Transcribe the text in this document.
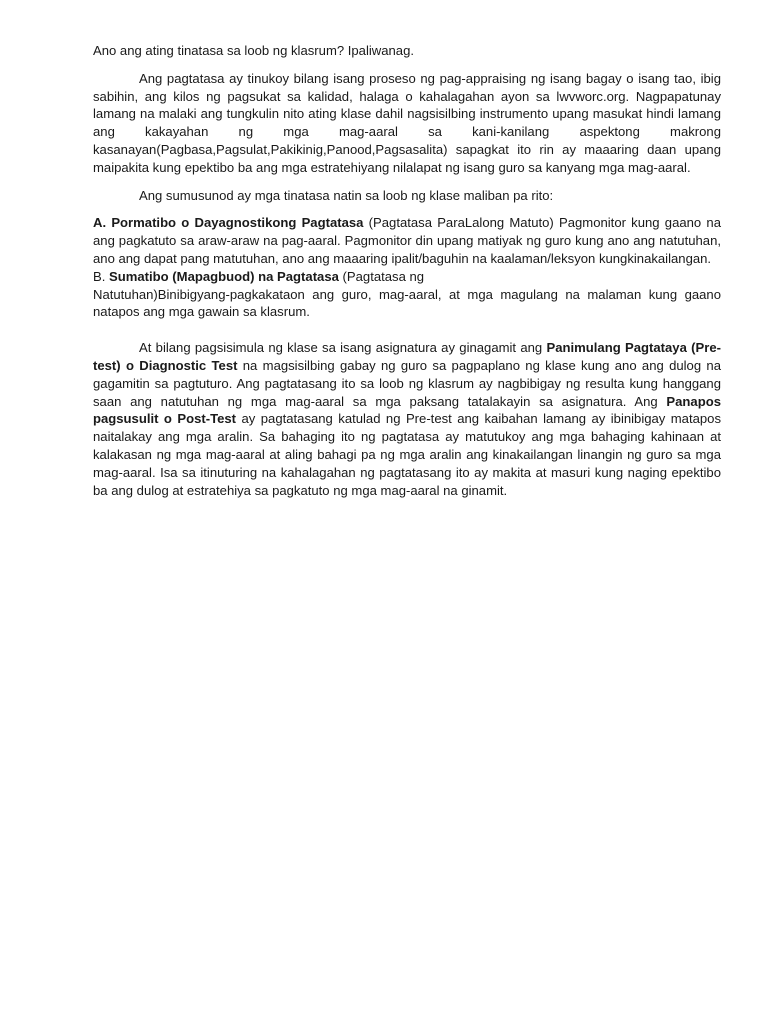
Ano ang ating tinatasa sa loob ng klasrum? Ipaliwanag.

Ang pagtatasa ay tinukoy bilang isang proseso ng pag-appraising ng isang bagay o isang tao, ibig sabihin, ang kilos ng pagsukat sa kalidad, halaga o kahalagahan ayon sa lwvworc.org. Nagpapatunay lamang na malaki ang tungkulin nito ating klase dahil nagsisilbing instrumento upang masukat hindi lamang ang kakayahan ng mga mag-aaral sa kani-kanilang aspektong makrong kasanayan(Pagbasa,Pagsulat,Pakikinig,Panood,Pagsasalita) sapagkat ito rin ay maaaring daan upang maipakita kung epektibo ba ang mga estratehiyang nilalapat ng isang guro sa kanyang mga mag-aaral.

Ang sumusunod ay mga tinatasa natin sa loob ng klase maliban pa rito:

A. Pormatibo o Dayagnostikong Pagtatasa (Pagtatasa ParaLalong Matuto) Pagmonitor kung gaano na ang pagkatuto sa araw-araw na pag-aaral. Pagmonitor din upang matiyak ng guro kung ano ang natutuhan, ano ang dapat pang matutuhan, ano ang maaaring ipalit/baguhin na kaalaman/leksyon kungkinakailangan.

B. Sumatibo (Mapagbuod) na Pagtatasa (Pagtatasa ng

Natutuhan)Binibigyang-pagkakataon ang guro, mag-aaral, at mga magulang na malaman kung gaano natapos ang mga gawain sa klasrum.

At bilang pagsisimula ng klase sa isang asignatura ay ginagamit ang Panimulang Pagtataya (Pre-test) o Diagnostic Test na magsisilbing gabay ng guro sa pagpaplano ng klase kung ano ang dulog na gagamitin sa pagtuturo. Ang pagtatasang ito sa loob ng klasrum ay nagbibigay ng resulta kung hanggang saan ang natutuhan ng mga mag-aaral sa mga paksang tatalakayin sa asignatura. Ang Panapos pagsusulit o Post-Test ay pagtatasang katulad ng Pre-test ang kaibahan lamang ay ibinibigay matapos naitalakay ang mga aralin. Sa bahaging ito ng pagtatasa ay matutukoy ang mga bahaging kahinaan at kalakasan ng mga mag-aaral at aling bahagi pa ng mga aralin ang kinakailangan linangin ng guro sa mga mag-aaral. Isa sa itinuturing na kahalagahan ng pagtatasang ito ay makita at masuri kung naging epektibo ba ang dulog at estratehiya sa pagkatuto ng mga mag-aaral na ginamit.
